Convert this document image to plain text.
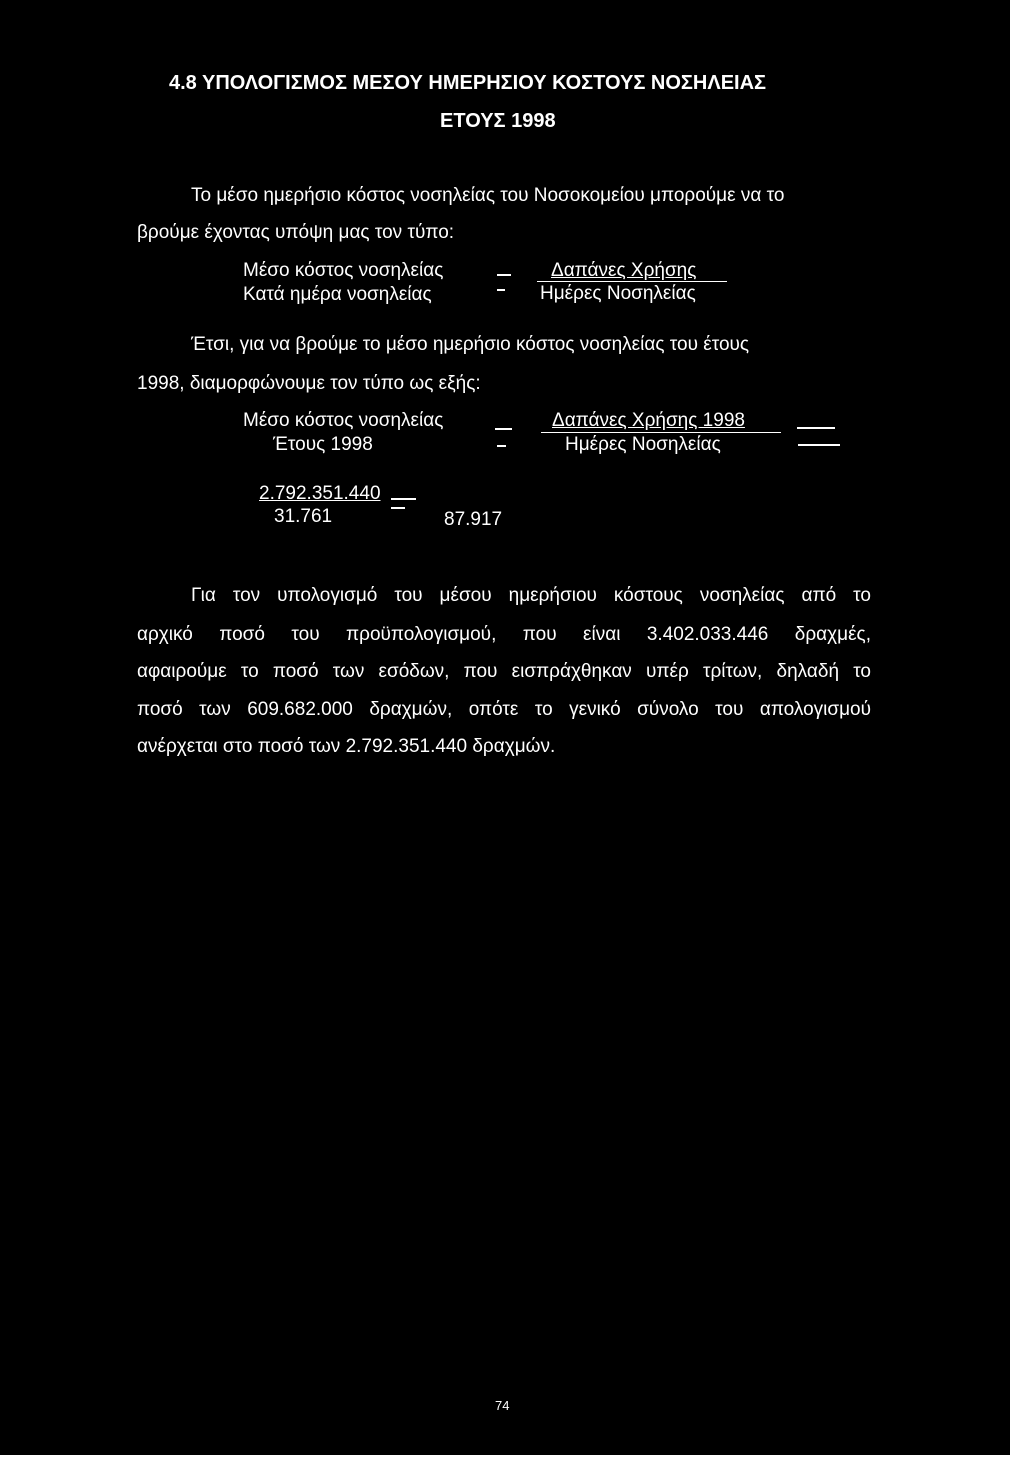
4.8 ΥΠΟΛΟΓΙΣΜΟΣ ΜΕΣΟΥ ΗΜΕΡΗΣΙΟΥ ΚΟΣΤΟΥΣ ΝΟΣΗΛΕΙΑΣ
ΕΤΟΥΣ 1998
Το μέσο ημερήσιο κόστος νοσηλείας του Νοσοκομείου μπορούμε να το
βρούμε έχοντας υπόψη μας τον τύπο:
Μέσο κόστος νοσηλείας
Κατά ημέρα νοσηλείας
Δαπάνες Χρήσης
Ημέρες Νοσηλείας
Έτσι, για να βρούμε το μέσο ημερήσιο κόστος νοσηλείας του έτους
1998, διαμορφώνουμε τον τύπο ως εξής:
Μέσο κόστος νοσηλείας
Έτους 1998
Δαπάνες Χρήσης 1998
Ημέρες Νοσηλείας
2.792.351.440
31.761	87.917
Για τον υπολογισμό του μέσου ημερήσιου κόστους νοσηλείας από το
αρχικό ποσό του προϋπολογισμού, που είναι 3.402.033.446 δραχμές,
αφαιρούμε το ποσό των εσόδων, που εισπράχθηκαν υπέρ τρίτων, δηλαδή το
ποσό των 609.682.000 δραχμών, οπότε το γενικό σύνολο του απολογισμού
ανέρχεται στο ποσό των 2.792.351.440 δραχμών.
74
